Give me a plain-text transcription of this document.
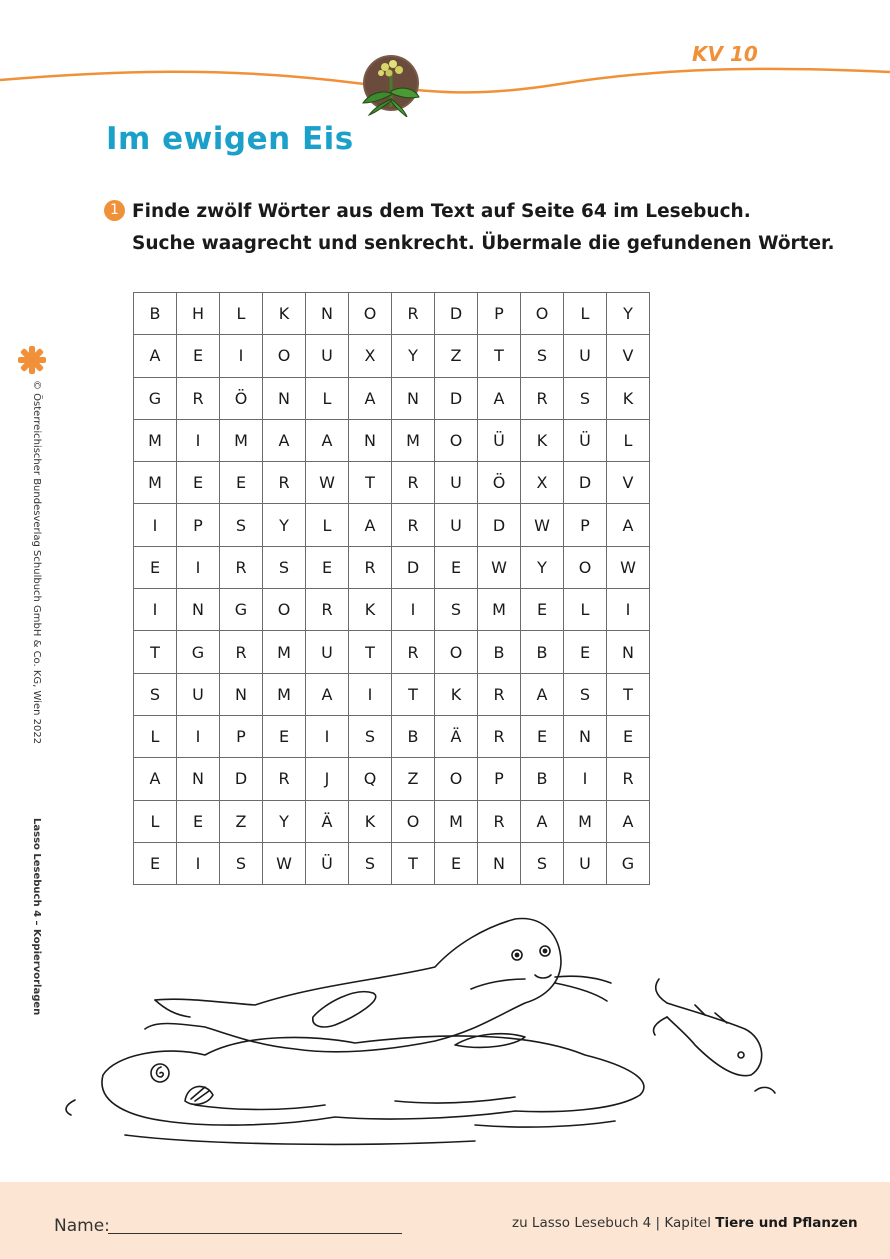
KV 10
Im ewigen Eis
1 Finde zwölf Wörter aus dem Text auf Seite 64 im Lesebuch.
Suche waagrecht und senkrecht. Übermale die gefundenen Wörter.
B	H	L	K	N	O	R	D	P	O	L	Y
A	E	I	O	U	X	Y	Z	T	S	U	V
G	R	Ö	N	L	A	N	D	A	R	S	K
M	I	M	A	A	N	M	O	Ü	K	Ü	L
M	E	E	R	W	T	R	U	Ö	X	D	V
I	P	S	Y	L	A	R	U	D	W	P	A
E	I	R	S	E	R	D	E	W	Y	O	W
I	N	G	O	R	K	I	S	M	E	L	I
T	G	R	M	U	T	R	O	B	B	E	N
S	U	N	M	A	I	T	K	R	A	S	T
L	I	P	E	I	S	B	Ä	R	E	N	E
A	N	D	R	J	Q	Z	O	P	B	I	R
L	E	Z	Y	Ä	K	O	M	R	A	M	A
E	I	S	W	Ü	S	T	E	N	S	U	G
© Österreichischer Bundesverlag Schulbuch GmbH & Co. KG, Wien 2022
Lasso Lesebuch 4 – Kopiervorlagen
Name:	zu Lasso Lesebuch 4 | Kapitel Tiere und Pflanzen
